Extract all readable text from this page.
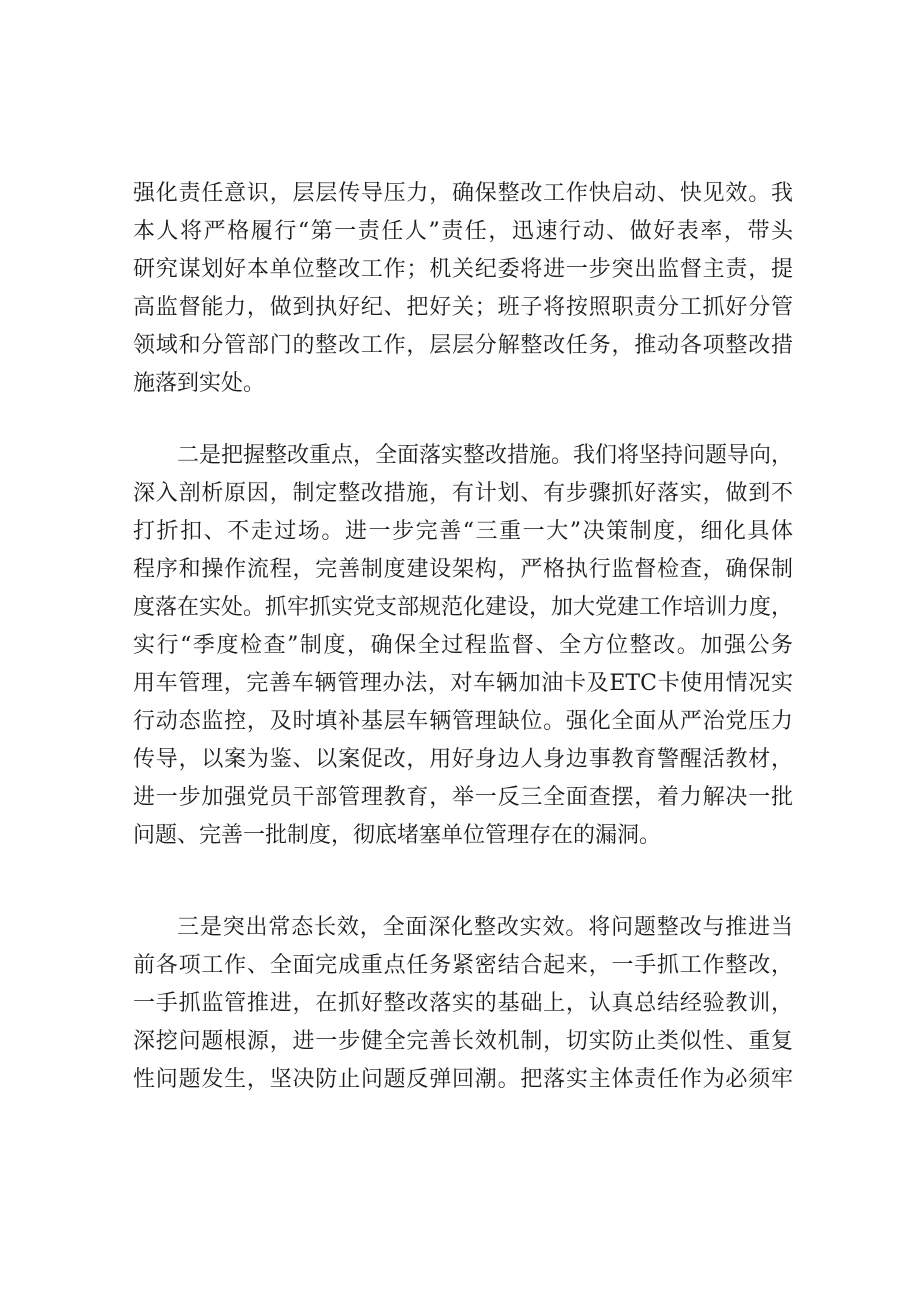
强化责任意识，层层传导压力，确保整改工作快启动、快见效。我
本人将严格履行“第一责任人”责任，迅速行动、做好表率，带头
研究谋划好本单位整改工作；机关纪委将进一步突出监督主责，提
高监督能力，做到执好纪、把好关；班子将按照职责分工抓好分管
领域和分管部门的整改工作，层层分解整改任务，推动各项整改措
施落到实处。
二是把握整改重点，全面落实整改措施。我们将坚持问题导向，
深入剖析原因，制定整改措施，有计划、有步骤抓好落实，做到不
打折扣、不走过场。进一步完善“三重一大”决策制度，细化具体
程序和操作流程，完善制度建设架构，严格执行监督检查，确保制
度落在实处。抓牢抓实党支部规范化建设，加大党建工作培训力度，
实行“季度检查”制度，确保全过程监督、全方位整改。加强公务
用车管理，完善车辆管理办法，对车辆加油卡及ETC卡使用情况实
行动态监控，及时填补基层车辆管理缺位。强化全面从严治党压力
传导，以案为鉴、以案促改，用好身边人身边事教育警醒活教材，
进一步加强党员干部管理教育，举一反三全面查摆，着力解决一批
问题、完善一批制度，彻底堵塞单位管理存在的漏洞。
三是突出常态长效，全面深化整改实效。将问题整改与推进当
前各项工作、全面完成重点任务紧密结合起来，一手抓工作整改，
一手抓监管推进，在抓好整改落实的基础上，认真总结经验教训，
深挖问题根源，进一步健全完善长效机制，切实防止类似性、重复
性问题发生，坚决防止问题反弹回潮。把落实主体责任作为必须牢
